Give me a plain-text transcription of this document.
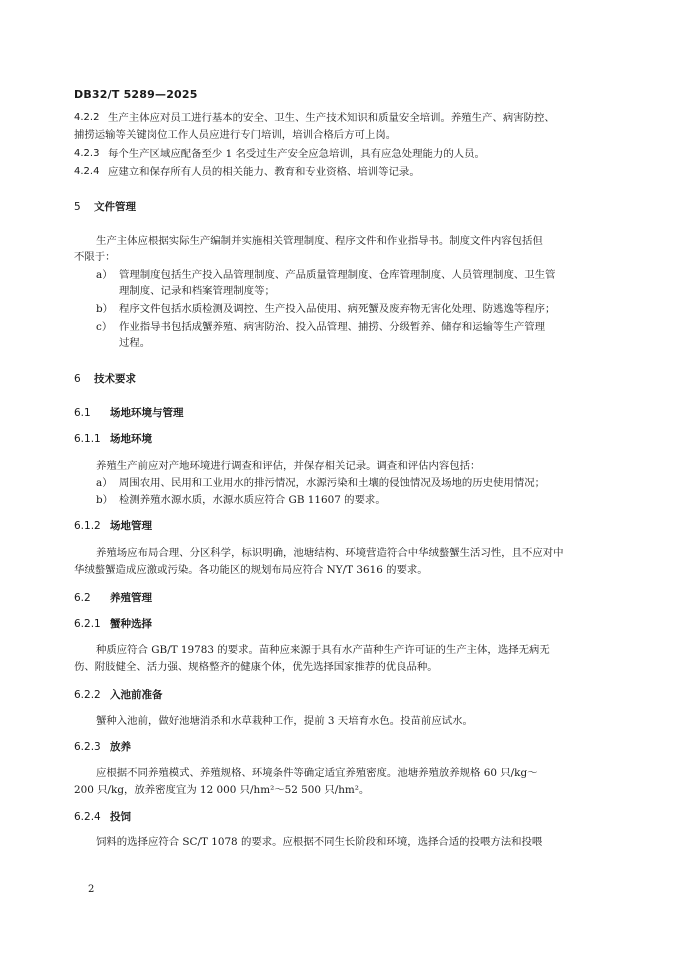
DB32/T 5289—2025
4.2.2 生产主体应对员工进行基本的安全、卫生、生产技术知识和质量安全培训。养殖生产、病害防控、
捕捞运输等关键岗位工作人员应进行专门培训，培训合格后方可上岗。
4.2.3 每个生产区域应配备至少 1 名受过生产安全应急培训，具有应急处理能力的人员。
4.2.4 应建立和保存所有人员的相关能力、教育和专业资格、培训等记录。
5 文件管理
生产主体应根据实际生产编制并实施相关管理制度、程序文件和作业指导书。制度文件内容包括但
不限于：
a） 管理制度包括生产投入品管理制度、产品质量管理制度、仓库管理制度、人员管理制度、卫生管
理制度、记录和档案管理制度等；
b） 程序文件包括水质检测及调控、生产投入品使用、病死蟹及废弃物无害化处理、防逃逸等程序；
c） 作业指导书包括成蟹养殖、病害防治、投入品管理、捕捞、分级暂养、储存和运输等生产管理
过程。
6 技术要求
6.1 场地环境与管理
6.1.1 场地环境
养殖生产前应对产地环境进行调查和评估，并保存相关记录。调查和评估内容包括：
a） 周围农用、民用和工业用水的排污情况，水源污染和土壤的侵蚀情况及场地的历史使用情况；
b） 检测养殖水源水质，水源水质应符合 GB 11607 的要求。
6.1.2 场地管理
养殖场应布局合理、分区科学，标识明确，池塘结构、环境营造符合中华绒螯蟹生活习性，且不应对中
华绒螯蟹造成应激或污染。各功能区的规划布局应符合 NY/T 3616 的要求。
6.2 养殖管理
6.2.1 蟹种选择
种质应符合 GB/T 19783 的要求。苗种应来源于具有水产苗种生产许可证的生产主体，选择无病无
伤、附肢健全、活力强、规格整齐的健康个体，优先选择国家推荐的优良品种。
6.2.2 入池前准备
蟹种入池前，做好池塘消杀和水草栽种工作，提前 3 天培育水色。投苗前应试水。
6.2.3 放养
应根据不同养殖模式、养殖规格、环境条件等确定适宜养殖密度。池塘养殖放养规格 60 只/kg～
200 只/kg，放养密度宜为 12 000 只/hm²～52 500 只/hm²。
6.2.4 投饲
饲料的选择应符合 SC/T 1078 的要求。应根据不同生长阶段和环境，选择合适的投喂方法和投喂
2
